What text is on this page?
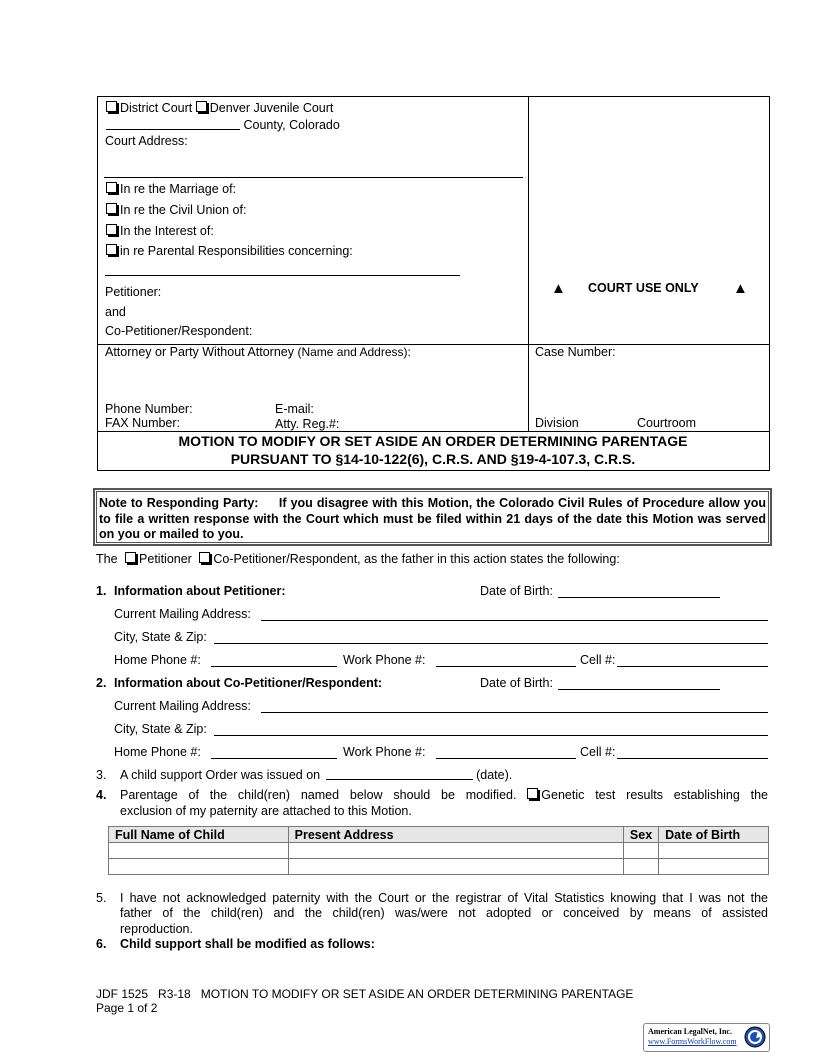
District Court Denver Juvenile Court
County, Colorado
Court Address:
In re the Marriage of:
In re the Civil Union of:
In the Interest of:
in re Parental Responsibilities concerning:
Petitioner:
and
Co-Petitioner/Respondent:
▲ COURT USE ONLY ▲
Attorney or Party Without Attorney (Name and Address):
Phone Number:	E-mail:
FAX Number:	Atty. Reg.#:
Case Number:
Division	Courtroom
MOTION TO MODIFY OR SET ASIDE AN ORDER DETERMINING PARENTAGE
PURSUANT TO §14-10-122(6), C.R.S. AND §19-4-107.3, C.R.S.
Note to Responding Party: If you disagree with this Motion, the Colorado Civil Rules of Procedure allow you to file a written response with the Court which must be filed within 21 days of the date this Motion was served on you or mailed to you.
The Petitioner Co-Petitioner/Respondent, as the father in this action states the following:
1. Information about Petitioner:	Date of Birth:
Current Mailing Address:
City, State & Zip:
Home Phone #:	Work Phone #:	Cell #:
2. Information about Co-Petitioner/Respondent:	Date of Birth:
Current Mailing Address:
City, State & Zip:
Home Phone #:	Work Phone #:	Cell #:
3. A child support Order was issued on	(date).
4. Parentage of the child(ren) named below should be modified. Genetic test results establishing the
exclusion of my paternity are attached to this Motion.
Full Name of Child	Present Address	Sex	Date of Birth

5. I have not acknowledged paternity with the Court or the registrar of Vital Statistics knowing that I was not the
father of the child(ren) and the child(ren) was/were not adopted or conceived by means of assisted
reproduction.
6. Child support shall be modified as follows:
JDF 1525   R3-18   MOTION TO MODIFY OR SET ASIDE AN ORDER DETERMINING PARENTAGE
Page 1 of 2
American LegalNet, Inc.
www.FormsWorkFlow.com
